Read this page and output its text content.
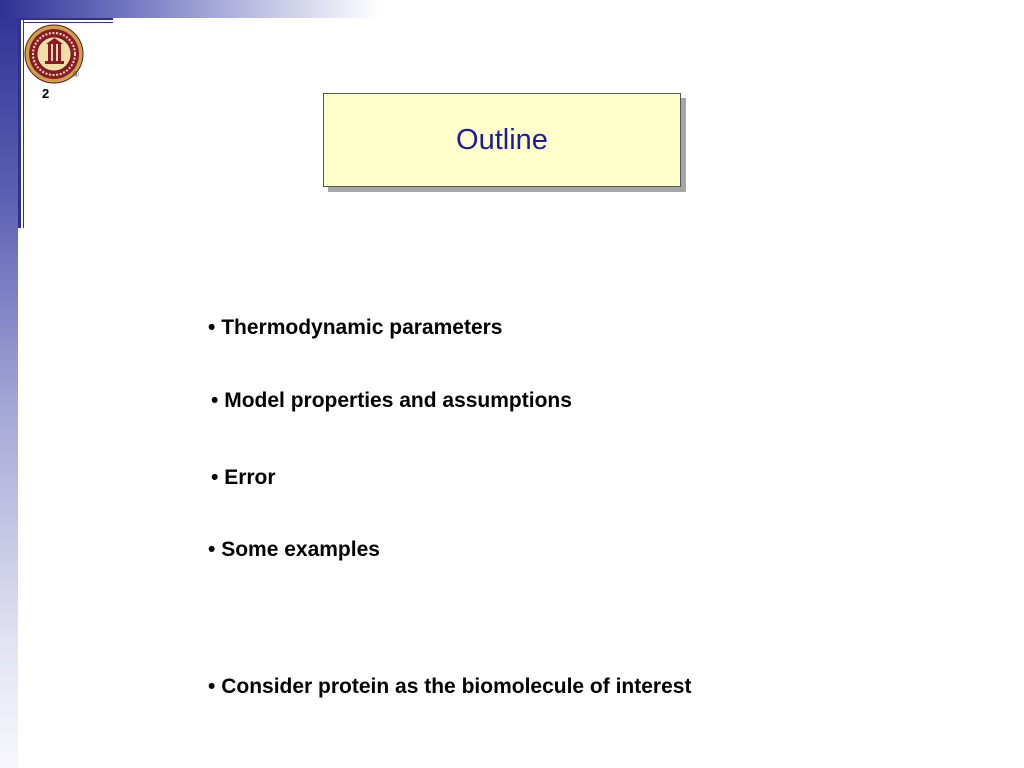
®
2
Outline
• Thermodynamic parameters
• Model properties and assumptions
• Error
• Some examples
• Consider protein as the biomolecule of interest
